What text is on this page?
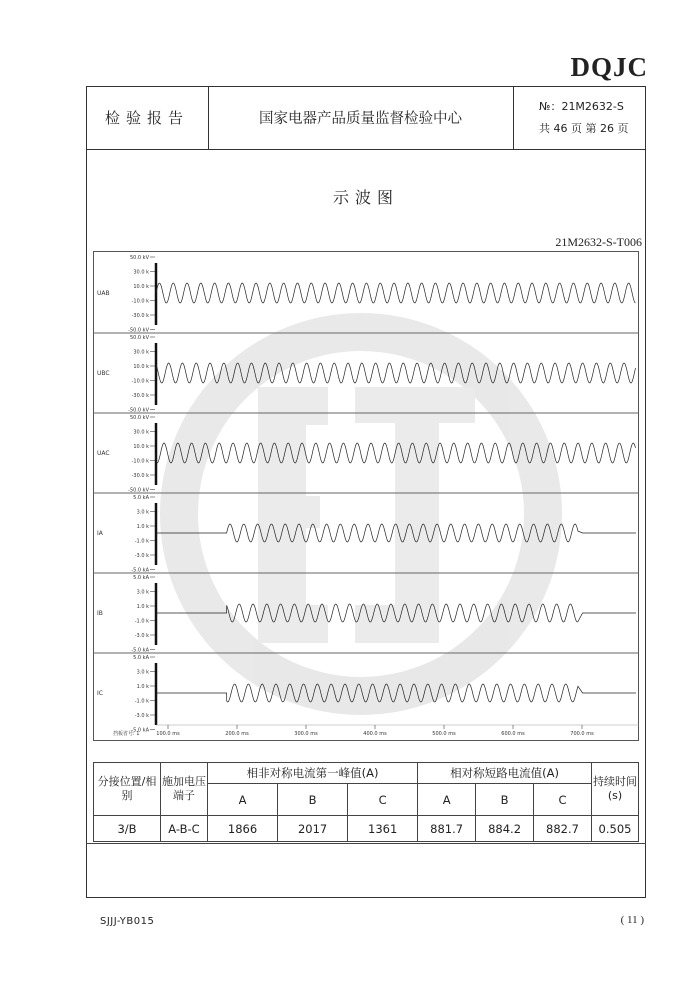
DQJC
检验报告	国家电器产品质量监督检验中心
№：21M2632-S
共 46 页 第 26 页
示波图
21M2632-S-T006
UAB
50.0 kV
30.0 k
10.0 k
-10.0 k
-30.0 k
-50.0 kV
UBC
50.0 kV
30.0 k
10.0 k
-10.0 k
-30.0 k
-50.0 kV
UAC
50.0 kV
30.0 k
10.0 k
-10.0 k
-30.0 k
-50.0 kV
IA
5.0 kA
3.0 k
1.0 k
-1.0 k
-3.0 k
-5.0 kA
IB
5.0 kA
3.0 k
1.0 k
-1.0 k
-3.0 k
-5.0 kA
IC
5.0 kA
3.0 k
1.0 k
-1.0 k
-3.0 k
-5.0 kA
100.0 ms	200.0 ms	300.0 ms	400.0 ms	500.0 ms	600.0 ms	700.0 ms
挡板省号: 1
分接位置/相别	施加电压端子	相非对称电流第一峰值(A)			相对称短路电流值(A)			持续时间(s)
		A	B	C	A	B	C	
3/B	A-B-C	1866	2017	1361	881.7	884.2	882.7	0.505
SJJJ-YB015	( 11 )
